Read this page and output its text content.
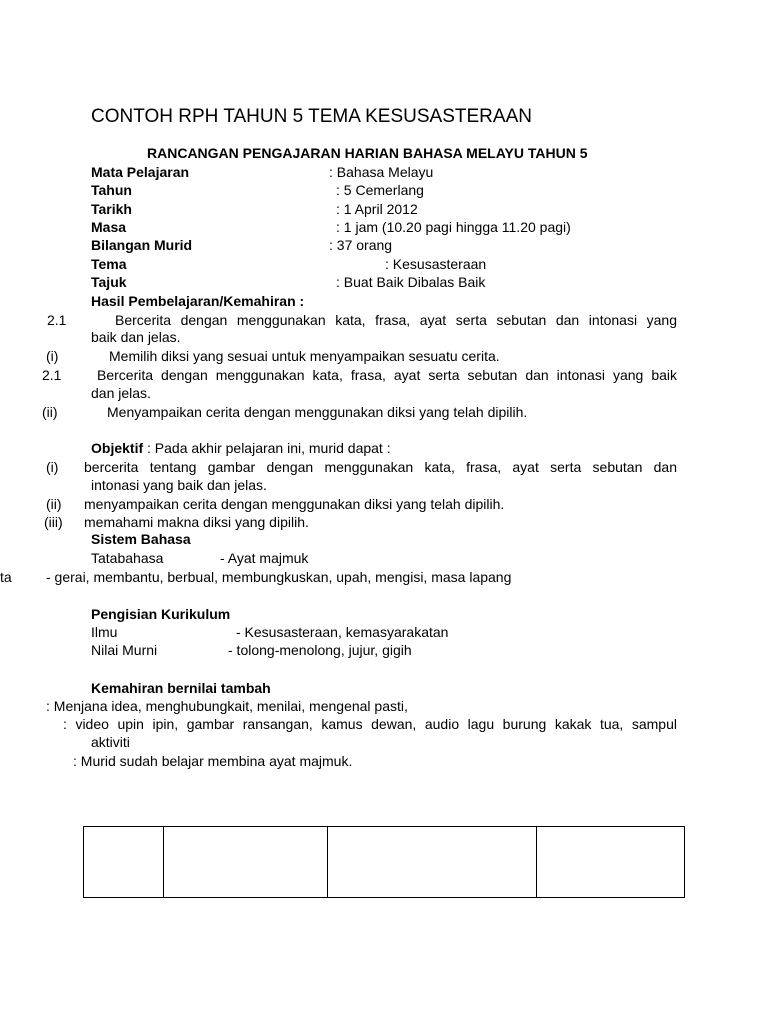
CONTOH RPH TAHUN 5 TEMA KESUSASTERAAN
RANCANGAN PENGAJARAN HARIAN BAHASA MELAYU TAHUN 5
Mata Pelajaran	: Bahasa Melayu
Tahun	: 5 Cemerlang
Tarikh	: 1 April 2012
Masa	: 1 jam (10.20 pagi hingga 11.20 pagi)
Bilangan Murid	: 37 orang
Tema	: Kesusasteraan
Tajuk	: Buat Baik Dibalas Baik
Hasil Pembelajaran/Kemahiran :
2.1	Bercerita dengan menggunakan kata, frasa, ayat serta sebutan dan intonasi yang
baik dan jelas.
(i)	Memilih diksi yang sesuai untuk menyampaikan sesuatu cerita.
2.1	Bercerita dengan menggunakan kata, frasa, ayat serta sebutan dan intonasi yang baik
dan jelas.
(ii)	Menyampaikan cerita dengan menggunakan diksi yang telah dipilih.
Objektif : Pada akhir pelajaran ini, murid dapat :
(i) bercerita tentang gambar dengan menggunakan kata, frasa, ayat serta sebutan dan
intonasi yang baik dan jelas.
(ii) menyampaikan cerita dengan menggunakan diksi yang telah dipilih.
(iii) memahami makna diksi yang dipilih.
Sistem Bahasa
Tatabahasa	- Ayat majmuk
ta - gerai, membantu, berbual, membungkuskan, upah, mengisi, masa lapang
Pengisian Kurikulum
Ilmu	- Kesusasteraan, kemasyarakatan
Nilai Murni	- tolong-menolong, jujur, gigih
Kemahiran bernilai tambah
: Menjana idea, menghubungkait, menilai, mengenal pasti,
: video upin ipin, gambar ransangan, kamus dewan, audio lagu burung kakak tua, sampul
aktiviti
: Murid sudah belajar membina ayat majmuk.
